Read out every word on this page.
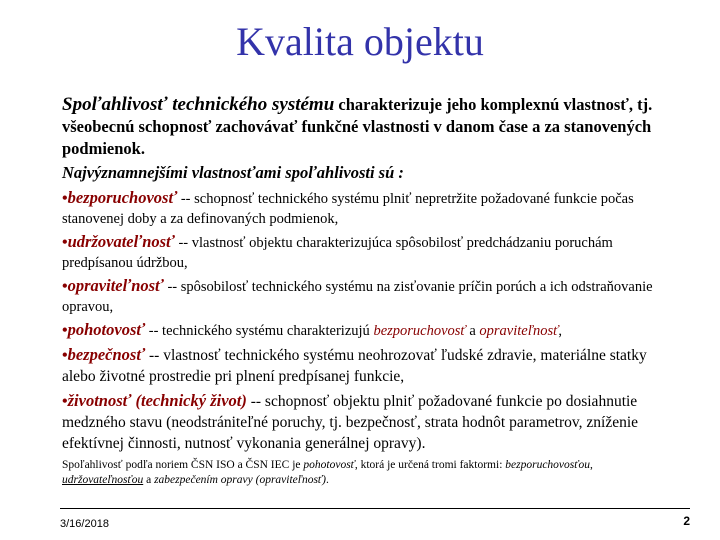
Kvalita objektu

Spoľahlivosť technického systému charakterizuje jeho komplexnú vlastnosť, tj. všeobecnú schopnosť zachovávať funkčné vlastnosti v danom čase a za stanovených podmienok.

Najvýznamnejšími vlastnosťami spoľahlivosti sú :

•bezporuchovosť -- schopnosť technického systému plniť nepretržite požadované funkcie počas stanovenej doby a za definovaných podmienok,

•udržovateľnosť -- vlastnosť objektu charakterizujúca spôsobilosť predchádzaniu poruchám predpísanou údržbou,

•opraviteľnosť -- spôsobilosť technického systému na zisťovanie príčin porúch a ich odstraňovanie opravou,

•pohotovosť -- technického systému charakterizujú bezporuchovosť a opraviteľnosť,

•bezpečnosť -- vlastnosť technického systému neohrozovať ľudské zdravie, materiálne statky alebo životné prostredie pri plnení predpísanej funkcie,

•životnosť (technický život) -- schopnosť objektu plniť požadované funkcie po dosiahnutie medzného stavu (neodstrániteľné poruchy, tj. bezpečnosť, strata hodnôt parametrov, zníženie efektívnej činnosti, nutnosť vykonania generálnej opravy).

Spoľahlivosť podľa noriem ČSN ISO a ČSN IEC je pohotovosť, ktorá je určená tromi faktormi: bezporuchovosťou, udržovateľnosťou a zabezpečením opravy (opraviteľnosť).

3/16/2018	2
